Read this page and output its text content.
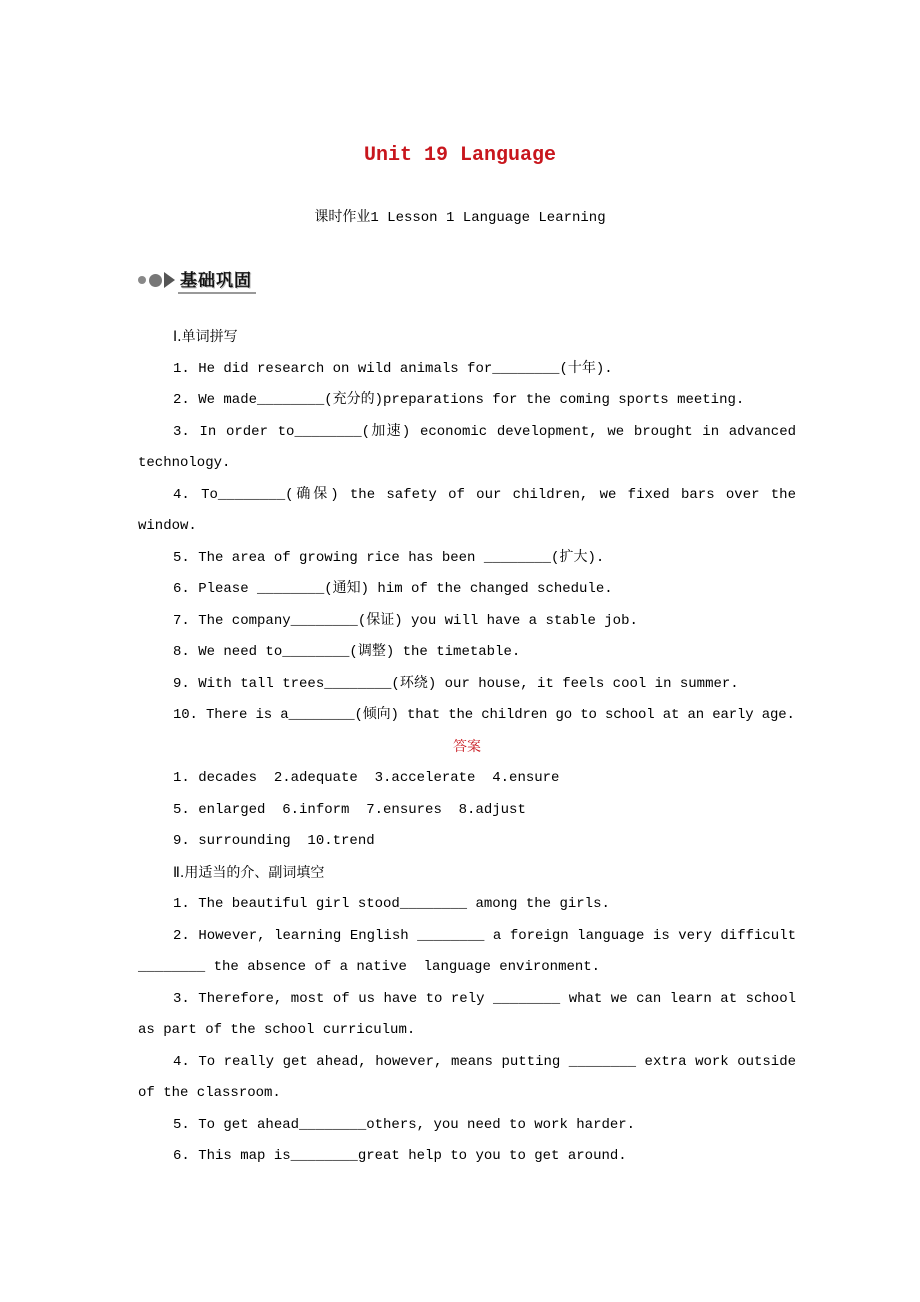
Unit 19 Language
课时作业1 Lesson 1 Language Learning
基础巩固

Ⅰ.单词拼写

1. He did research on wild animals for________(十年).

2. We made________(充分的)preparations for the coming sports meeting.

3. In order to________(加速) economic development, we brought in advanced technology.

4. To________(确保) the safety of our children, we fixed bars over the window.

5. The area of growing rice has been ________(扩大).

6. Please ________(通知) him of the changed schedule.

7. The company________(保证) you will have a stable job.

8. We need to________(调整) the timetable.

9. With tall trees________(环绕) our house, it feels cool in summer.

10. There is a________(倾向) that the children go to school at an early age.

答案

1. decades  2.adequate  3.accelerate  4.ensure

5. enlarged  6.inform  7.ensures  8.adjust

9. surrounding  10.trend

Ⅱ.用适当的介、副词填空

1. The beautiful girl stood________ among the girls.

2. However, learning English ________ a foreign language is very difficult ________ the absence of a native  language environment.

3. Therefore, most of us have to rely ________ what we can learn at school as part of the school curriculum.

4. To really get ahead, however, means putting ________ extra work outside of the classroom.

5. To get ahead________others, you need to work harder.

6. This map is________great help to you to get around.
